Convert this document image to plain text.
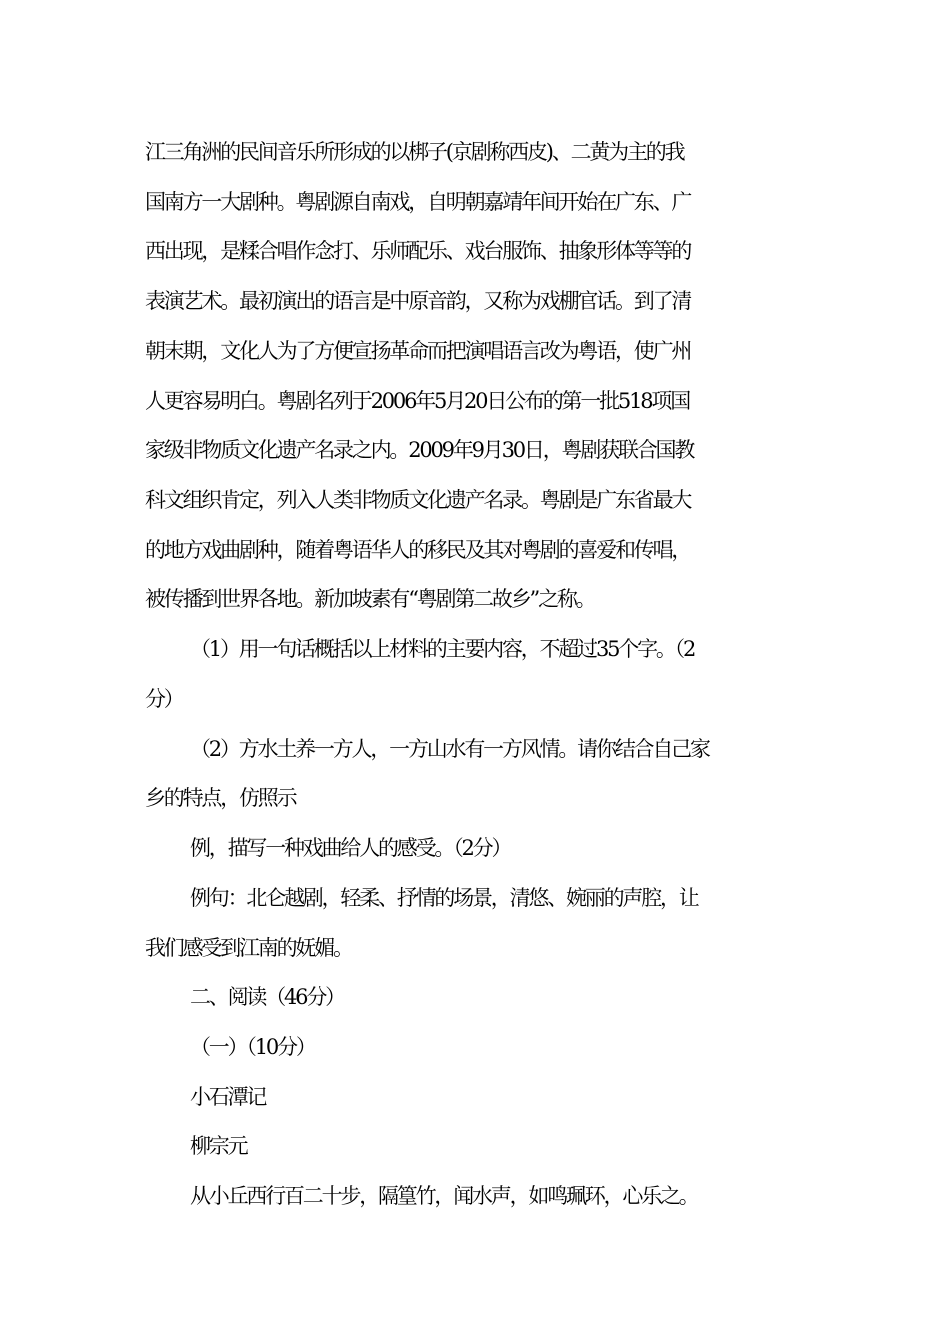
江三角洲的民间音乐所形成的以梆子(京剧称西皮)、二黄为主的我
国南方一大剧种。粤剧源自南戏，自明朝嘉靖年间开始在广东、广
西出现，是糅合唱作念打、乐师配乐、戏台服饰、抽象形体等等的
表演艺术。最初演出的语言是中原音韵，又称为戏棚官话。到了清
朝末期，文化人为了方便宣扬革命而把演唱语言改为粤语，使广州
人更容易明白。粤剧名列于2006年5月20日公布的第一批518项国
家级非物质文化遗产名录之内。2009年9月30日，粤剧获联合国教
科文组织肯定，列入人类非物质文化遗产名录。粤剧是广东省最大
的地方戏曲剧种，随着粤语华人的移民及其对粤剧的喜爱和传唱，
被传播到世界各地。新加坡素有“粤剧第二故乡”之称。
（1）用一句话概括以上材料的主要内容，不超过35个字。（2
分）
（2）方水土养一方人，一方山水有一方风情。请你结合自己家
乡的特点，仿照示
例，描写一种戏曲给人的感受。（2分）
例句：北仑越剧，轻柔、抒情的场景，清悠、婉丽的声腔，让
我们感受到江南的妩媚。
二、阅读（46分）
（一）（10分）
小石潭记
柳宗元
从小丘西行百二十步，隔篁竹，闻水声，如鸣珮环，心乐之。
